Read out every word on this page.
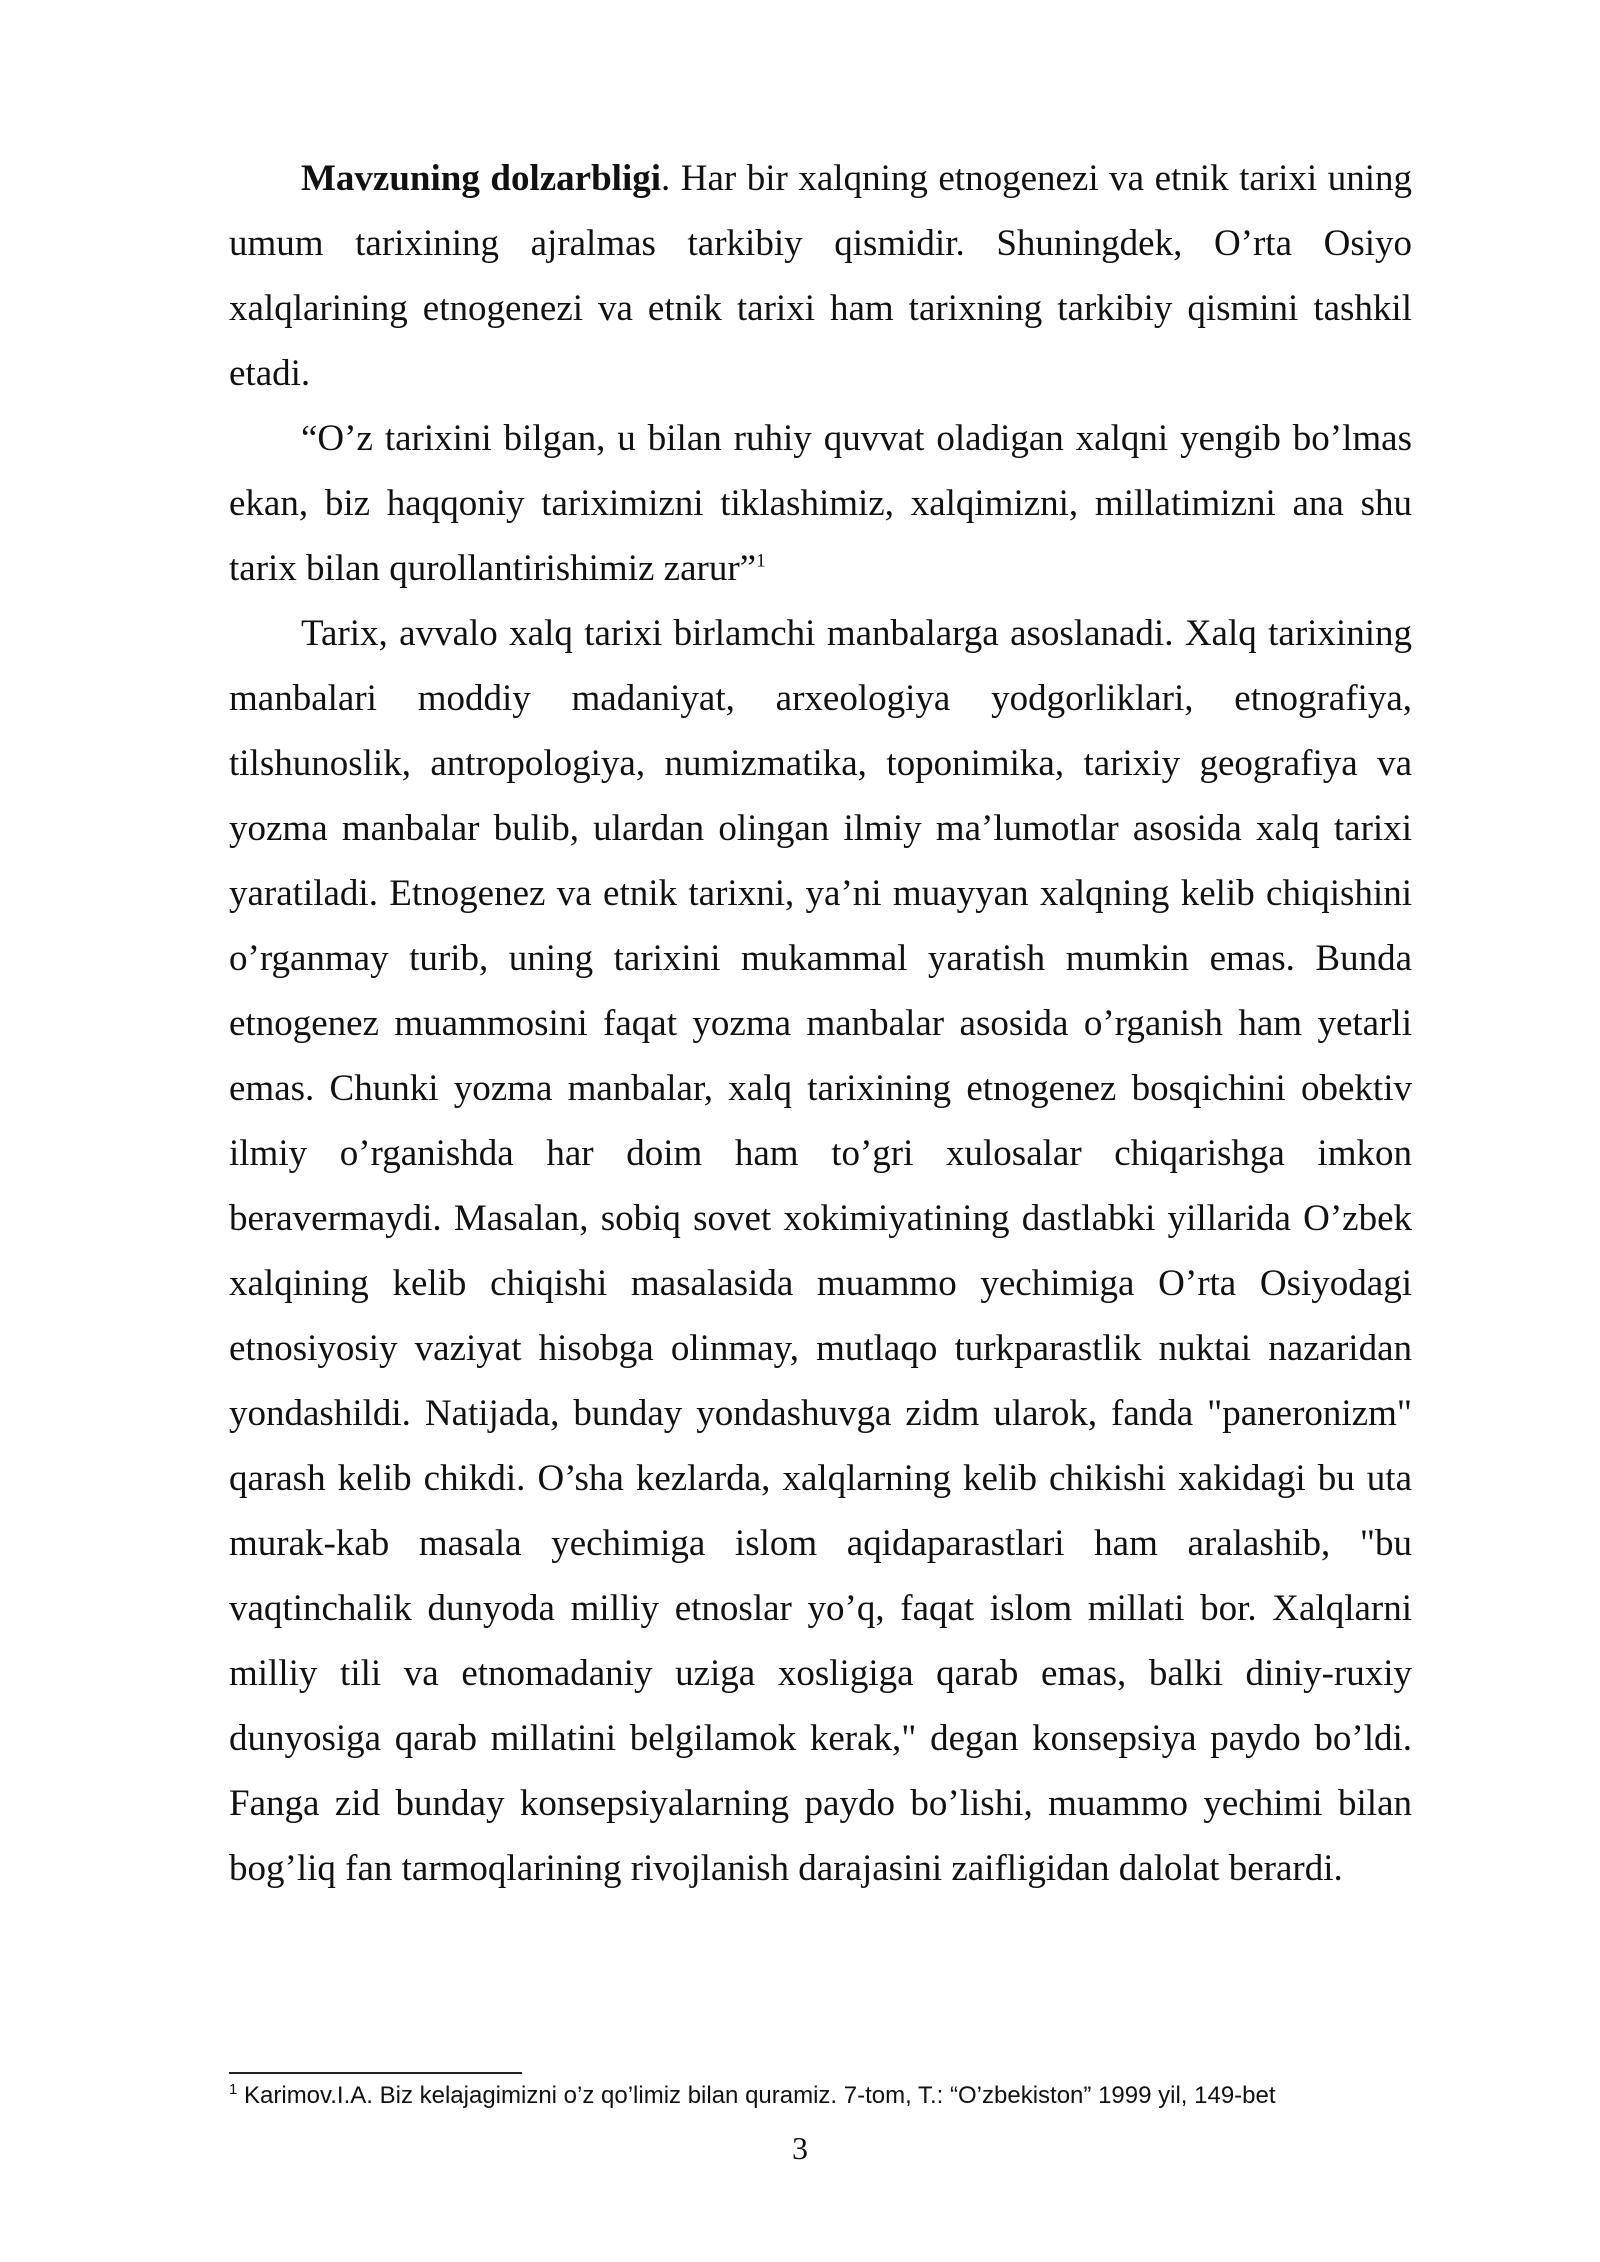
Mavzuning dolzarbligi. Har bir xalqning etnogenezi va etnik tarixi uning umum tarixining ajralmas tarkibiy qismidir. Shuningdek, O’rta Osiyo xalqlarining etnogenezi va etnik tarixi ham tarixning tarkibiy qismini tashkil etadi.

“O’z tarixini bilgan, u bilan ruhiy quvvat oladigan xalqni yengib bo’lmas ekan, biz haqqoniy tariximizni tiklashimiz, xalqimizni, millatimizni ana shu tarix bilan qurollantirishimiz zarur”$^1$

Tarix, avvalo xalq tarixi birlamchi manbalarga asoslanadi. Xalq tarixining manbalari moddiy madaniyat, arxeologiya yodgorliklari, etnografiya, tilshunoslik, antropologiya, numizmatika, toponimika, tarixiy geografiya va yozma manbalar bulib, ulardan olingan ilmiy ma’lumotlar asosida xalq tarixi yaratiladi. Etnogenez va etnik tarixni, ya’ni muayyan xalqning kelib chiqishini o’rganmay turib, uning tarixini mukammal yaratish mumkin emas. Bunda etnogenez muammosini faqat yozma manbalar asosida o’rganish ham yetarli emas. Chunki yozma manbalar, xalq tarixining etnogenez bosqichini obektiv ilmiy o’rganishda har doim ham to’gri xulosalar chiqarishga imkon beravermaydi. Masalan, sobiq sovet xokimiyatining dastlabki yillarida O’zbek xalqining kelib chiqishi masalasida muammo yechimiga O’rta Osiyodagi etnosiyosiy vaziyat hisobga olinmay, mutlaqo turkparastlik nuktai nazaridan yondashildi. Natijada, bunday yondashuvga zidm ularok, fanda "paneronizm" qarash kelib chikdi. O’sha kezlarda, xalqlarning kelib chikishi xakidagi bu uta murak-kab masala yechimiga islom aqidaparastlari ham aralashib, "bu vaqtinchalik dunyoda milliy etnoslar yo’q, faqat islom millati bor. Xalqlarni milliy tili va etnomadaniy uziga xosligiga qarab emas, balki diniy-ruxiy dunyosiga qarab millatini belgilamok kerak," degan konsepsiya paydo bo’ldi. Fanga zid bunday konsepsiyalarning paydo bo’lishi, muammo yechimi bilan bog’liq fan tarmoqlarining rivojlanish darajasini zaifligidan dalolat berardi.

$^1$ Karimov.I.A. Biz kelajagimizni o’z qo’limiz bilan quramiz. 7-tom, T.: “O’zbekiston” 1999 yil, 149-bet
3
